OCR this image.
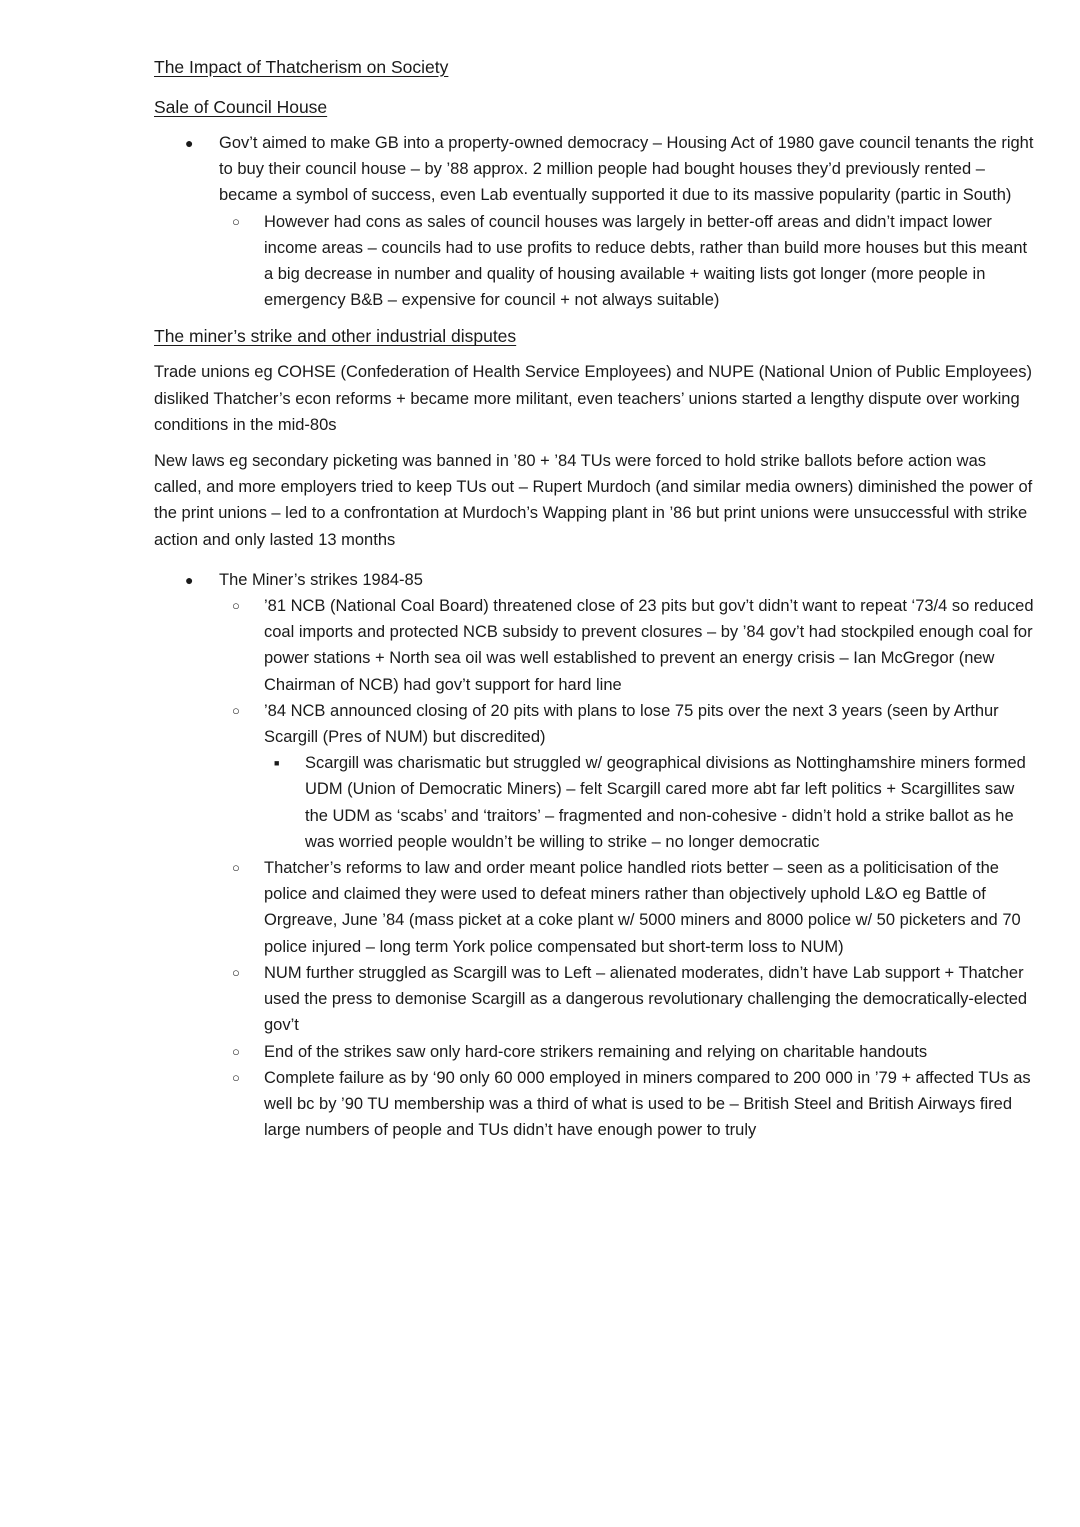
The Impact of Thatcherism on Society
Sale of Council House
● Gov’t aimed to make GB into a property-owned democracy – Housing Act of 1980 gave council tenants the right to buy their council house – by ’88 approx. 2 million people had bought houses they’d previously rented – became a symbol of success, even Lab eventually supported it due to its massive popularity (partic in South)
○ However had cons as sales of council houses was largely in better-off areas and didn’t impact lower income areas – councils had to use profits to reduce debts, rather than build more houses but this meant a big decrease in number and quality of housing available + waiting lists got longer (more people in emergency B&B – expensive for council + not always suitable)
The miner’s strike and other industrial disputes

Trade unions eg COHSE (Confederation of Health Service Employees) and NUPE (National Union of Public Employees) disliked Thatcher’s econ reforms + became more militant, even teachers’ unions started a lengthy dispute over working conditions in the mid-80s

New laws eg secondary picketing was banned in ’80 + ’84 TUs were forced to hold strike ballots before action was called, and more employers tried to keep TUs out – Rupert Murdoch (and similar media owners) diminished the power of the print unions – led to a confrontation at Murdoch’s Wapping plant in ’86 but print unions were unsuccessful with strike action and only lasted 13 months

● The Miner’s strikes 1984-85
○ ’81 NCB (National Coal Board) threatened close of 23 pits but gov’t didn’t want to repeat ‘73/4 so reduced coal imports and protected NCB subsidy to prevent closures – by ’84 gov’t had stockpiled enough coal for power stations + North sea oil was well established to prevent an energy crisis – Ian McGregor (new Chairman of NCB) had gov’t support for hard line
○ ’84 NCB announced closing of 20 pits with plans to lose 75 pits over the next 3 years (seen by Arthur Scargill (Pres of NUM) but discredited)
■ Scargill was charismatic but struggled w/ geographical divisions as Nottinghamshire miners formed UDM (Union of Democratic Miners) – felt Scargill cared more abt far left politics + Scargillites saw the UDM as ‘scabs’ and ‘traitors’ – fragmented and non-cohesive - didn’t hold a strike ballot as he was worried people wouldn’t be willing to strike – no longer democratic
○ Thatcher’s reforms to law and order meant police handled riots better – seen as a politicisation of the police and claimed they were used to defeat miners rather than objectively uphold L&O eg Battle of Orgreave, June ’84 (mass picket at a coke plant w/ 5000 miners and 8000 police w/ 50 picketers and 70 police injured – long term York police compensated but short-term loss to NUM)
○ NUM further struggled as Scargill was to Left – alienated moderates, didn’t have Lab support + Thatcher used the press to demonise Scargill as a dangerous revolutionary challenging the democratically-elected gov’t
○ End of the strikes saw only hard-core strikers remaining and relying on charitable handouts
○ Complete failure as by ‘90 only 60 000 employed in miners compared to 200 000 in ’79 + affected TUs as well bc by ’90 TU membership was a third of what is used to be – British Steel and British Airways fired large numbers of people and TUs didn’t have enough power to truly
